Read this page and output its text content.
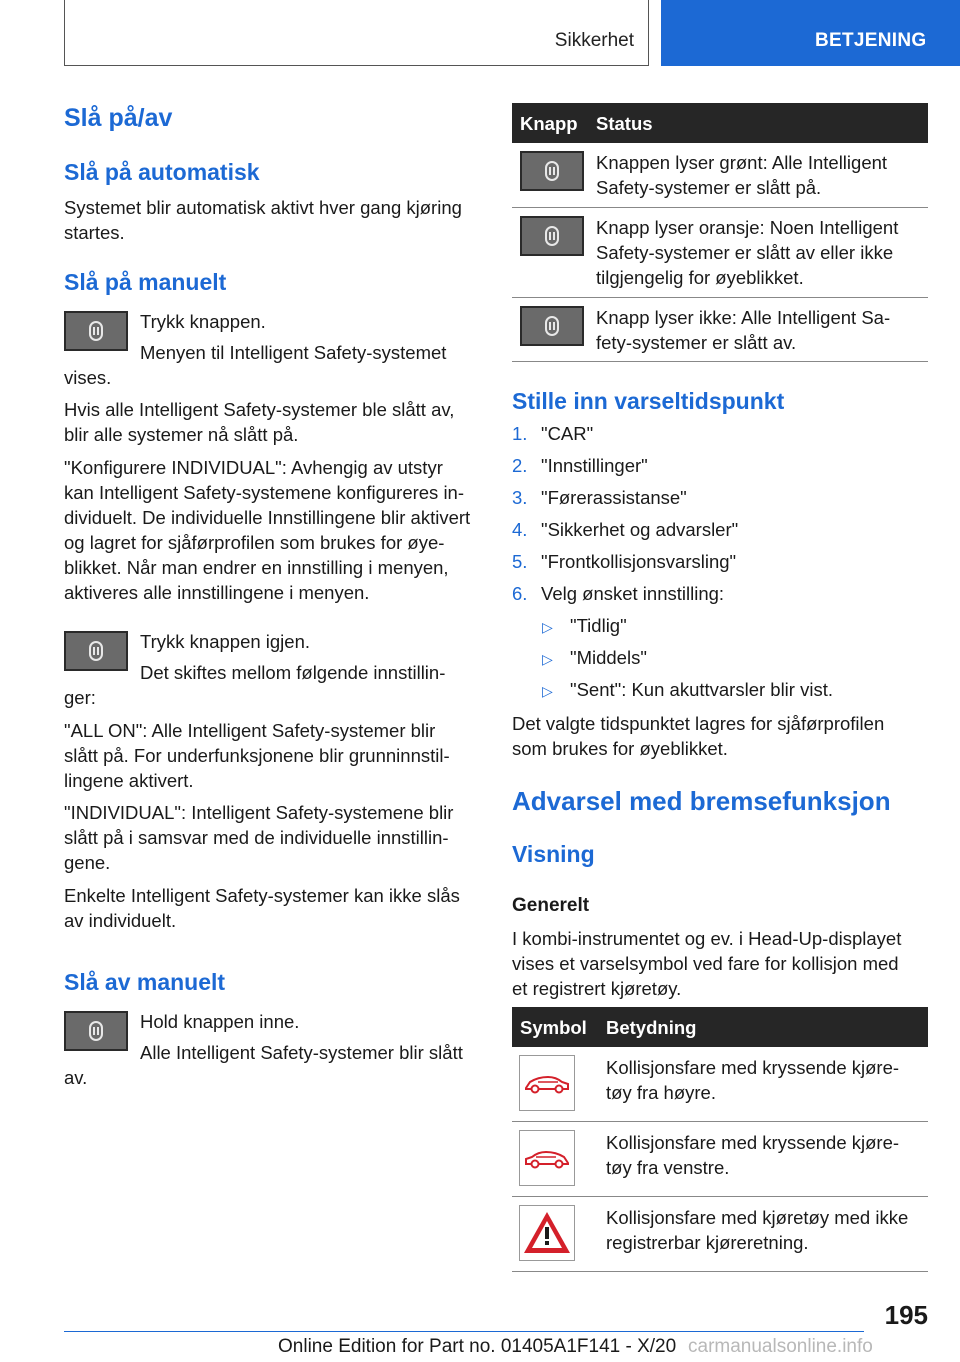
Sikkerhet	BETJENING
Slå på/av
Slå på automatisk
Systemet blir automatisk aktivt hver gang kjøring
startes.
Slå på manuelt
Trykk knappen.
Menyen til Intelligent Safety-systemet
vises.
Hvis alle Intelligent Safety-systemer ble slått av,
blir alle systemer nå slått på.
"Konfigurere INDIVIDUAL": Avhengig av utstyr
kan Intelligent Safety-systemene konfigureres in-
dividuelt. De individuelle Innstillingene blir aktivert
og lagret for sjåførprofilen som brukes for øye-
blikket. Når man endrer en innstilling i menyen,
aktiveres alle innstillingene i menyen.
Trykk knappen igjen.
Det skiftes mellom følgende innstillin-
ger:
"ALL ON": Alle Intelligent Safety-systemer blir
slått på. For underfunksjonene blir grunninnstil-
lingene aktivert.
"INDIVIDUAL": Intelligent Safety-systemene blir
slått på i samsvar med de individuelle innstillin-
gene.
Enkelte Intelligent Safety-systemer kan ikke slås
av individuelt.
Slå av manuelt
Hold knappen inne.
Alle Intelligent Safety-systemer blir slått
av.
Knapp Status
Knappen lyser grønt: Alle Intelligent
Safety-systemer er slått på.
Knapp lyser oransje: Noen Intelligent
Safety-systemer er slått av eller ikke
tilgjengelig for øyeblikket.
Knapp lyser ikke: Alle Intelligent Sa-
fety-systemer er slått av.
Stille inn varseltidspunkt
1. "CAR"
2. "Innstillinger"
3. "Førerassistanse"
4. "Sikkerhet og advarsler"
5. "Frontkollisjonsvarsling"
6. Velg ønsket innstilling:
▷ "Tidlig"
▷ "Middels"
▷ "Sent": Kun akuttvarsler blir vist.
Det valgte tidspunktet lagres for sjåførprofilen
som brukes for øyeblikket.
Advarsel med bremsefunksjon
Visning
Generelt
I kombi-instrumentet og ev. i Head-Up-displayet
vises et varselsymbol ved fare for kollisjon med
et registrert kjøretøy.
Symbol Betydning
Kollisjonsfare med kryssende kjøre-
tøy fra høyre.
Kollisjonsfare med kryssende kjøre-
tøy fra venstre.
Kollisjonsfare med kjøretøy med ikke
registrerbar kjøreretning.
195
Online Edition for Part no. 01405A1F141 - X/20 carmanualsonline.info
